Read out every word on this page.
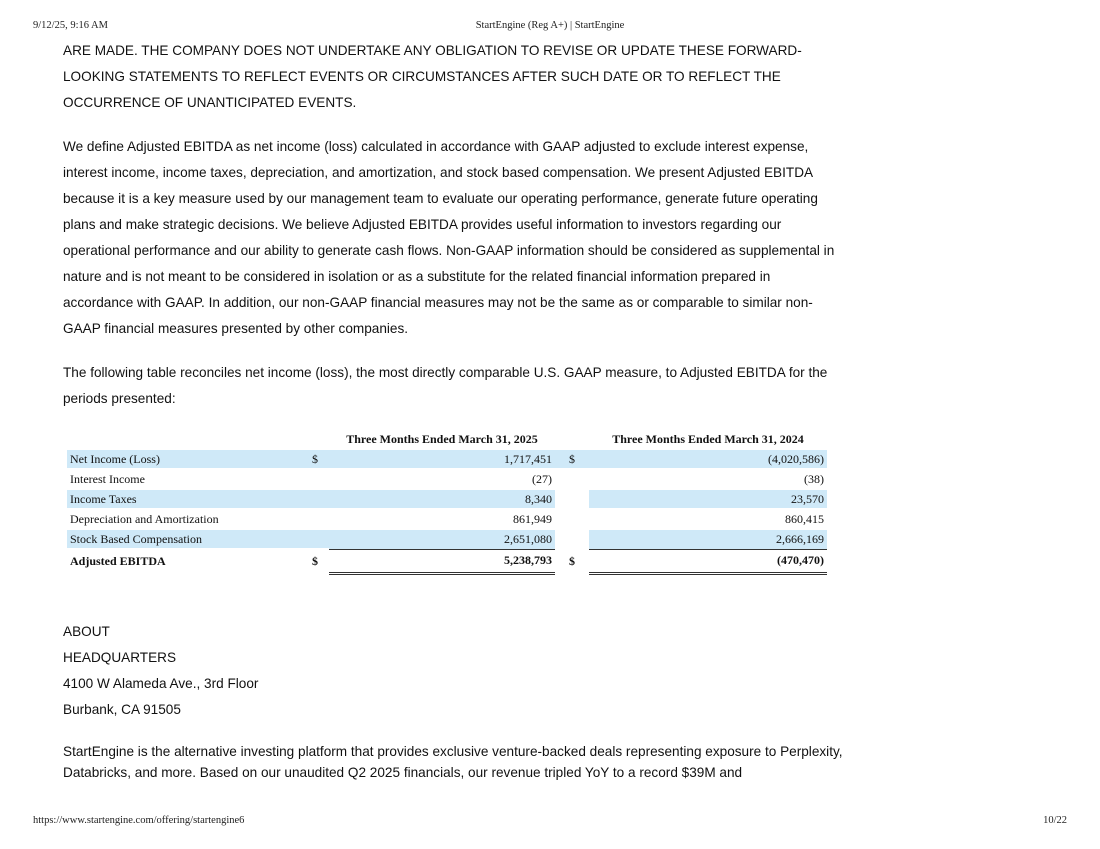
9/12/25, 9:16 AM	StartEngine (Reg A+) | StartEngine

ARE MADE. THE COMPANY DOES NOT UNDERTAKE ANY OBLIGATION TO REVISE OR UPDATE THESE FORWARD-LOOKING STATEMENTS TO REFLECT EVENTS OR CIRCUMSTANCES AFTER SUCH DATE OR TO REFLECT THE OCCURRENCE OF UNANTICIPATED EVENTS.

We define Adjusted EBITDA as net income (loss) calculated in accordance with GAAP adjusted to exclude interest expense, interest income, income taxes, depreciation, and amortization, and stock based compensation. We present Adjusted EBITDA because it is a key measure used by our management team to evaluate our operating performance, generate future operating plans and make strategic decisions. We believe Adjusted EBITDA provides useful information to investors regarding our operational performance and our ability to generate cash flows. Non-GAAP information should be considered as supplemental in nature and is not meant to be considered in isolation or as a substitute for the related financial information prepared in accordance with GAAP. In addition, our non-GAAP financial measures may not be the same as or comparable to similar non-GAAP financial measures presented by other companies.

The following table reconciles net income (loss), the most directly comparable U.S. GAAP measure, to Adjusted EBITDA for the periods presented:

		Three Months Ended March 31, 2025		Three Months Ended March 31, 2024
Net Income (Loss)	$	1,717,451	$	(4,020,586)
Interest Income		(27)		(38)
Income Taxes		8,340		23,570
Depreciation and Amortization		861,949		860,415
Stock Based Compensation		2,651,080		2,666,169
Adjusted EBITDA	$	5,238,793	$	(470,470)

ABOUT

HEADQUARTERS

4100 W Alameda Ave., 3rd Floor

Burbank, CA 91505

StartEngine is the alternative investing platform that provides exclusive venture-backed deals representing exposure to Perplexity, Databricks, and more. Based on our unaudited Q2 2025 financials, our revenue tripled YoY to a record $39M and

https://www.startengine.com/offering/startengine6	10/22
